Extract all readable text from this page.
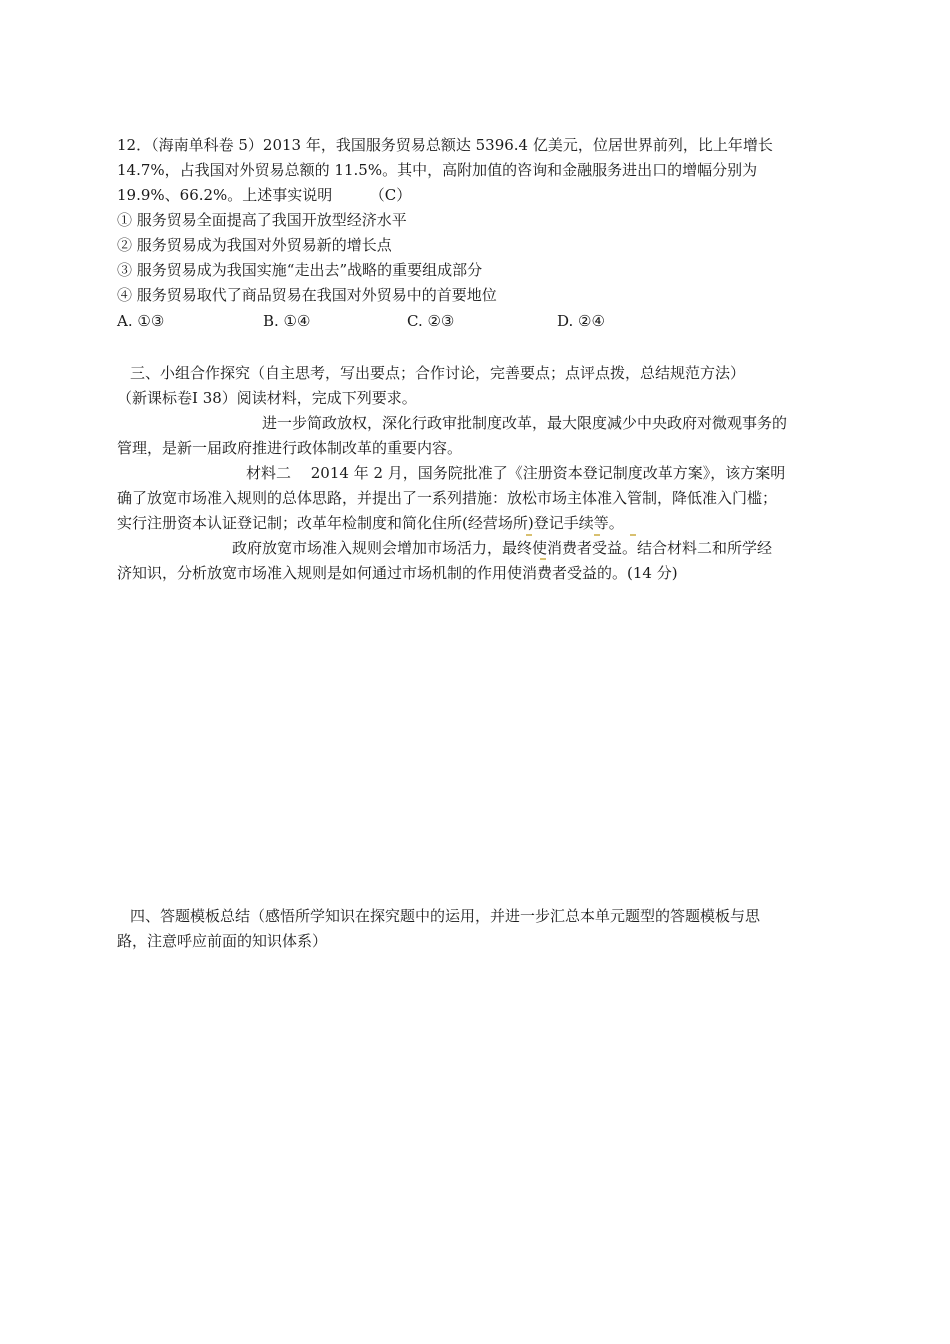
12．（海南单科卷 5）2013 年，我国服务贸易总额达 5396.4 亿美元，位居世界前列，比上年增长
14.7%，占我国对外贸易总额的 11.5%。其中，高附加值的咨询和金融服务进出口的增幅分别为
19.9%、66.2%。上述事实说明　　　（C）
① 服务贸易全面提高了我国开放型经济水平
② 服务贸易成为我国对外贸易新的增长点
③ 服务贸易成为我国实施“走出去”战略的重要组成部分
④ 服务贸易取代了商品贸易在我国对外贸易中的首要地位
A. ①③	B. ①④	C. ②③	D. ②④
三、小组合作探究（自主思考，写出要点；合作讨论，完善要点；点评点拨，总结规范方法）
（新课标卷Ⅰ 38）阅读材料，完成下列要求。
进一步简政放权，深化行政审批制度改革，最大限度减少中央政府对微观事务的
管理，是新一届政府推进行政体制改革的重要内容。
材料二　 2014 年 2 月，国务院批准了《注册资本登记制度改革方案》，该方案明
确了放宽市场准入规则的总体思路，并提出了一系列措施：放松市场主体准入管制，降低准入门槛；
实行注册资本认证登记制；改革年检制度和简化住所(经营场所)登记手续等。
政府放宽市场准入规则会增加市场活力，最终使消费者受益。结合材料二和所学经
济知识，分析放宽市场准入规则是如何通过市场机制的作用使消费者受益的。(14 分)
四、答题模板总结（感悟所学知识在探究题中的运用，并进一步汇总本单元题型的答题模板与思
路，注意呼应前面的知识体系）
